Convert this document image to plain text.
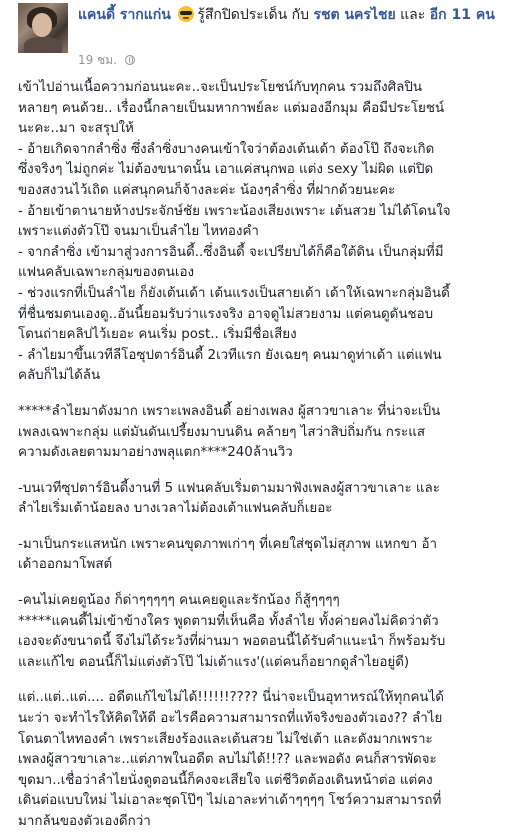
แคนดี้ รากแก่น รู้สึกปิดประเด็น กับ รชต นครไชย และ อีก 11 คน
19 ชม.

เข้าไปอ่านเนื้อความก่อนนะคะ..จะเป็นประโยชน์กับทุกคน รวมถึงศิลปิน
หลายๆ คนด้วย.. เรื่องนี้กลายเป็นมหากาพย์ละ แต่มองอีกมุม คือมีประโยชน์
นะคะ..มา จะสรุปให้
- อ้ายเกิดจากลำซิ่ง ซึ่งลำซิ่งบางคนเข้าใจว่าต้องเต้นเด้า ต้องโป๊ ถึงจะเกิด
ซึ่งจริงๆ ไม่ถูกค่ะ ไม่ต้องขนาดนั้น เอาแค่สนุกพอ แต่ง sexy ไม่ผิด แต่ปิด
ของสงวนไว้เถิด แค่สนุกคนก็จ้างละค่ะ น้องๆลำซิ่ง ที่ฝากด้วยนะคะ
- อ้ายเข้าตานายห้างประจักษ์ชัย เพราะน้องเสียงเพราะ เต้นสวย ไม่ได้โดนใจ
เพราะแต่งตัวโป๊ จนมาเป็นลำไย ไหทองคำ
- จากลำซิ่ง เข้ามาสู่วงการอินดี้..ซึ่งอินดี้ จะเปรียบได้ก็คือใต้ดิน เป็นกลุ่มที่มี
แฟนคลับเฉพาะกลุ่มของตนเอง
- ช่วงแรกที่เป็นลำไย ก็ยังเต้นเด้า เต้นแรงเป็นสายเด้า เด้าให้เฉพาะกลุ่มอินดี้
ที่ชื่นชมตนเองดู..อันนี้ยอมรับว่าแรงจริง อาจดูไม่สวยงาม แต่คนดูดันชอบ
โดนถ่ายคลิปไว้เยอะ คนเริ่ม post.. เริ่มมีชื่อเสียง
- ลำไยมาขึ้นเวทีลีโอซุปตาร์อินดี้ 2เวทีแรก ยังเฉยๆ คนมาดูท่าเด้า แต่แฟน
คลับก็ไม่ได้ล้น

*****ลำไยมาดังมาก เพราะเพลงอินดี้ อย่างเพลง ผู้สาวขาเลาะ ที่น่าจะเป็น
เพลงเฉพาะกลุ่ม แต่มันดันเปรี้ยงมาบนดิน คล้ายๆ ไสว่าสิบ่ถิ่มกัน กระแส
ความดังเลยตามมาอย่างพลุแตก****240ล้านวิว

-บนเวทีซุปตาร์อินดี้งานที่ 5 แฟนคลับเริ่มตามมาฟังเพลงผู้สาวขาเลาะ และ
ลำไยเริ่มเต้าน้อยลง บางเวลาไม่ต้องเต้าแฟนคลับก็เยอะ

-มาเป็นกระแสหนัก เพราะคนขุดภาพเก่าๆ ที่เคยใส่ชุดไม่สุภาพ แหกขา อ้า
เด้าออกมาโพสต์

-คนไม่เคยดูน้อง ก็ด่าๆๆๆๆๆ คนเคยดูและรักน้อง ก็สู้ๆๆๆๆ
*****แคนดี้ไม่เข้าข้างใคร พูดตามที่เห็นคือ ทั้งลำไย ทั้งค่ายคงไม่คิดว่าตัว
เองจะดังขนาดนี้ จึงไม่ได้ระวังที่ผ่านมา พอตอนนี้ได้รับคำแนะนำ ก็พร้อมรับ
และแก้ไข ตอนนี้ก็ไม่แต่งตัวโป๊ ไม่เต้าแรง'(แต่คนก็อยากดูลำไยอยู่ดี)

แต่..แต่..แต่.... อดีตแก้ไขไม่ได้!!!!!!???? นี่น่าจะเป็นอุทาหรณ์ให้ทุกคนได้
นะว่า จะทำไรให้คิดให้ดี อะไรคือความสามารถที่แท้จริงของตัวเอง?? ลำไย
โดนตาไหทองคำ เพราะเสียงร้องและเต้นสวย ไม่ใช่เต้า และดังมากเพราะ
เพลงผู้สาวขาเลาะ..แต่ภาพในอดีต ลบไม่ได้!!?? และพอดัง คนก็สารพัดจะ
ขุดมา..เชื่อว่าลำไยนั่งดูตอนนี้ก็คงจะเสียใจ แต่ชีวิตต้องเดินหน้าต่อ แต่คง
เดินต่อแบบใหม่ ไม่เอาละชุดโป๊ๆ ไม่เอาละท่าเด้าๆๆๆๆ โชว์ความสามารถที่
มากล้นของตัวเองดีกว่า
